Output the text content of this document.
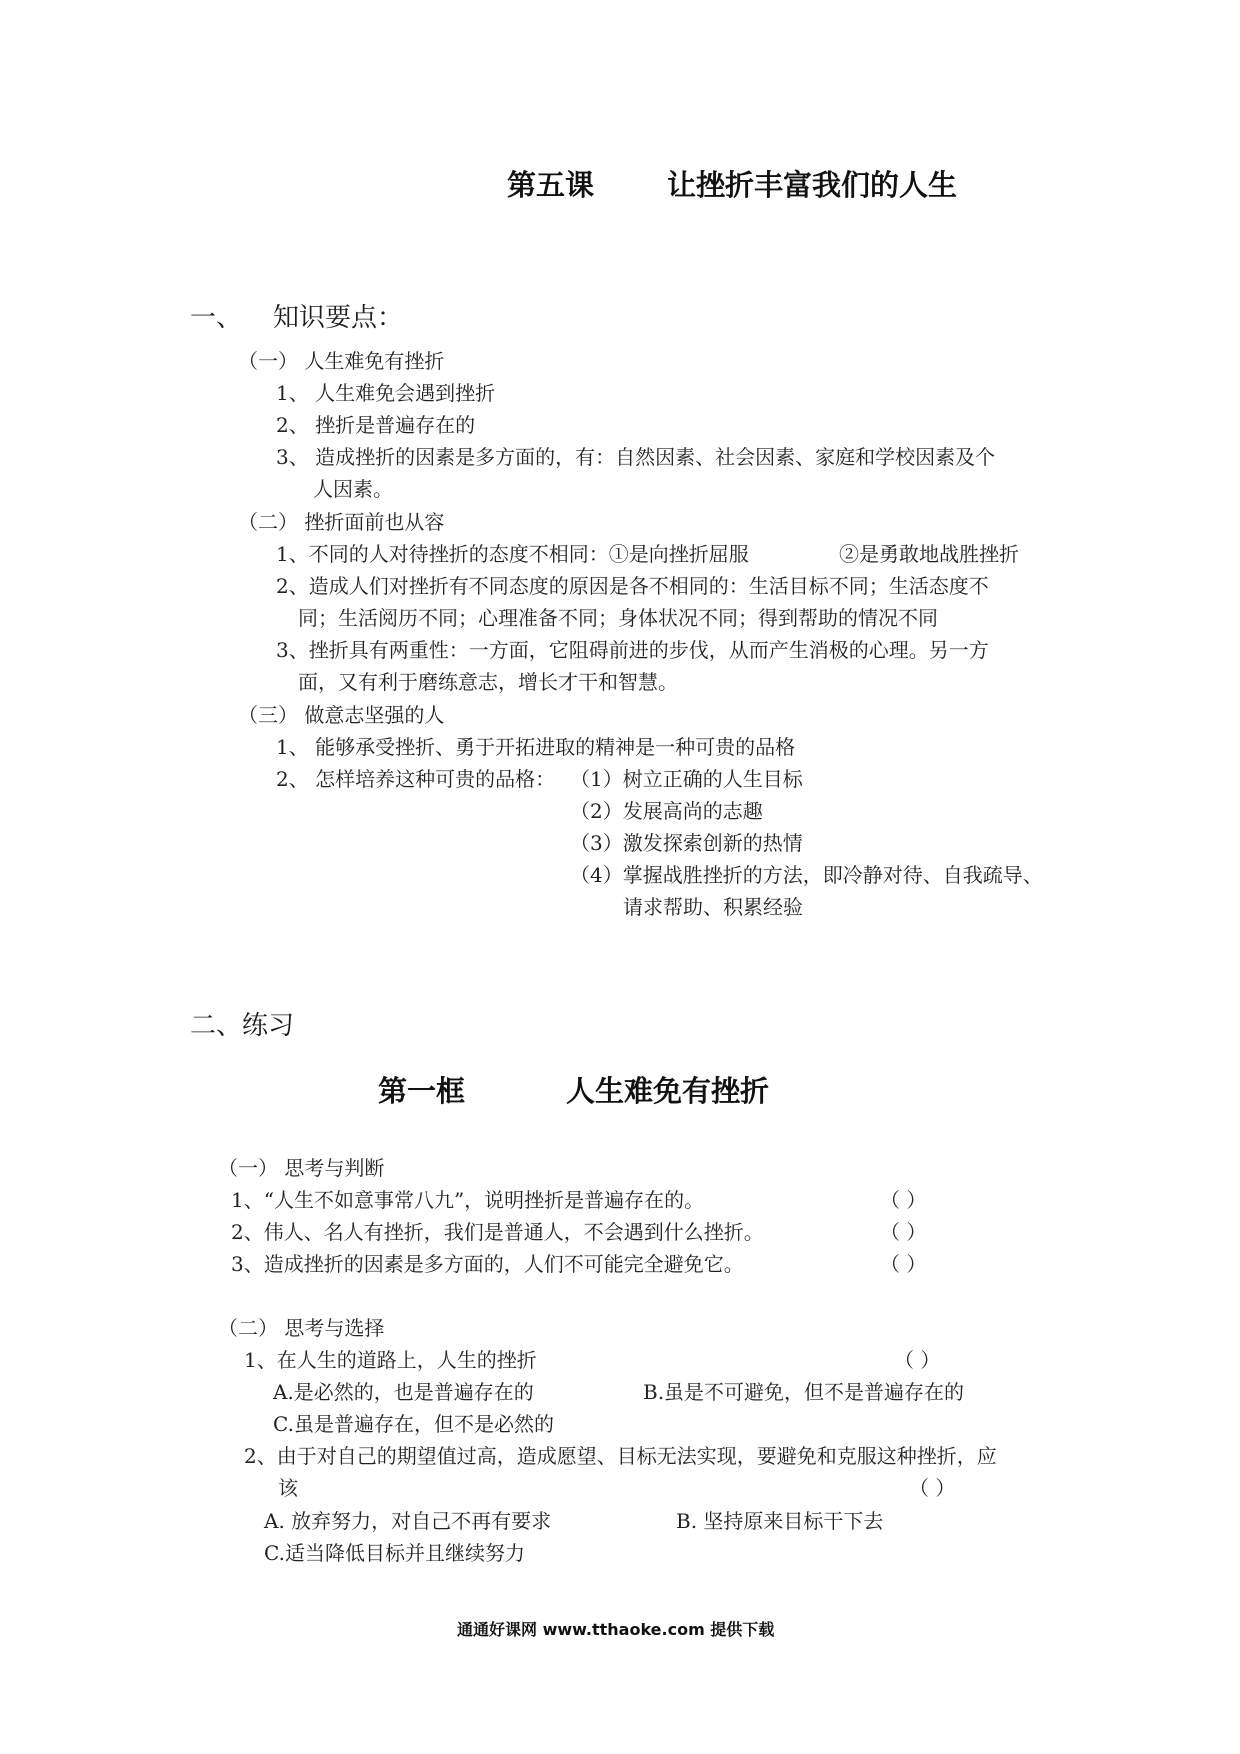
第五课	让挫折丰富我们的人生
一、 知识要点：
（一） 人生难免有挫折
1、 人生难免会遇到挫折
2、 挫折是普遍存在的
3、 造成挫折的因素是多方面的，有：自然因素、社会因素、家庭和学校因素及个
人因素。
（二） 挫折面前也从容
1、不同的人对待挫折的态度不相同：①是向挫折屈服	②是勇敢地战胜挫折
2、造成人们对挫折有不同态度的原因是各不相同的：生活目标不同；生活态度不
同；生活阅历不同；心理准备不同；身体状况不同；得到帮助的情况不同
3、挫折具有两重性：一方面，它阻碍前进的步伐，从而产生消极的心理。另一方
面，又有利于磨练意志，增长才干和智慧。
（三） 做意志坚强的人
1、 能够承受挫折、勇于开拓进取的精神是一种可贵的品格
2、 怎样培养这种可贵的品格： （1）树立正确的人生目标
（2）发展高尚的志趣
（3）激发探索创新的热情
（4）掌握战胜挫折的方法，即冷静对待、自我疏导、
请求帮助、积累经验
二、练习
第一框	人生难免有挫折
（一） 思考与判断
1、“人生不如意事常八九”，说明挫折是普遍存在的。	（ ）
2、伟人、名人有挫折，我们是普通人，不会遇到什么挫折。	（ ）
3、造成挫折的因素是多方面的，人们不可能完全避免它。	（ ）
（二） 思考与选择
1、在人生的道路上，人生的挫折	（ ）
A.是必然的，也是普遍存在的	B.虽是不可避免，但不是普遍存在的
C.虽是普遍存在，但不是必然的
2、由于对自己的期望值过高，造成愿望、目标无法实现，要避免和克服这种挫折，应
该	（ ）
A. 放弃努力，对自己不再有要求	B. 坚持原来目标干下去
C.适当降低目标并且继续努力
通通好课网 www.tthaoke.com 提供下载
